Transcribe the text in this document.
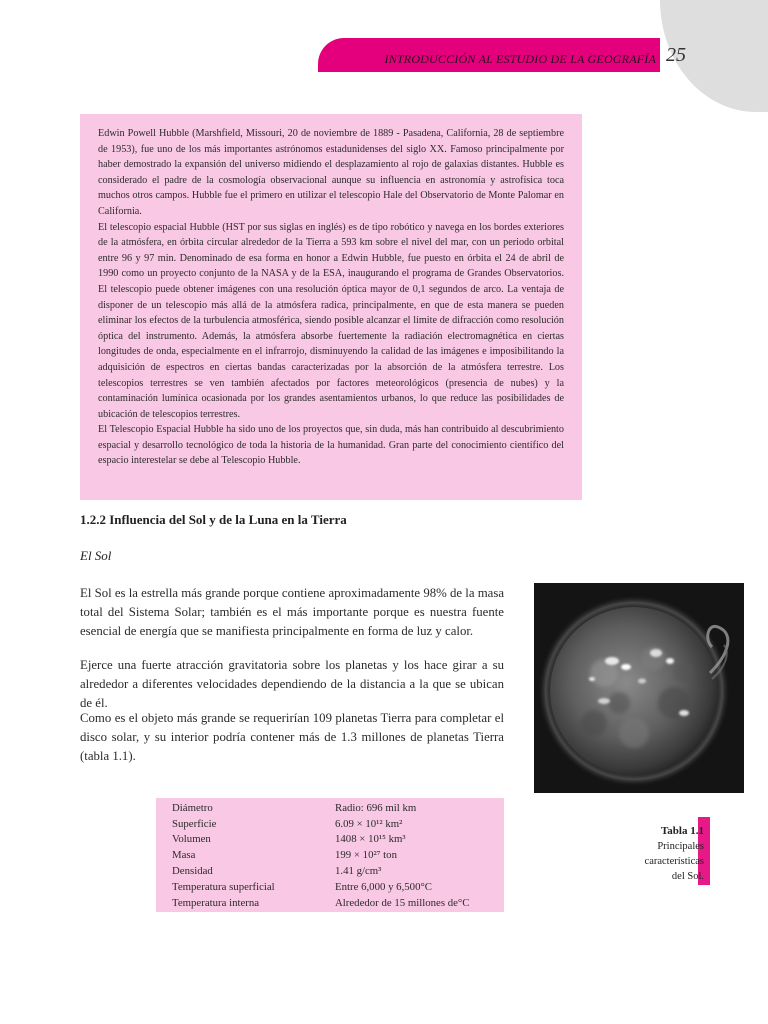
INTRODUCCIÓN AL ESTUDIO DE LA GEOGRAFÍA 25

Edwin Powell Hubble (Marshfield, Missouri, 20 de noviembre de 1889 - Pasadena, California, 28 de septiembre de 1953), fue uno de los más importantes astrónomos estadunidenses del siglo XX. Famoso principalmente por haber demostrado la expansión del universo midiendo el desplazamiento al rojo de galaxias distantes. Hubble es considerado el padre de la cosmología observacional aunque su influencia en astronomía y astrofísica toca muchos otros campos. Hubble fue el primero en utilizar el telescopio Hale del Observatorio de Monte Palomar en California.

El telescopio espacial Hubble (HST por sus siglas en inglés) es de tipo robótico y navega en los bordes exteriores de la atmósfera, en órbita circular alrededor de la Tierra a 593 km sobre el nivel del mar, con un periodo orbital entre 96 y 97 min. Denominado de esa forma en honor a Edwin Hubble, fue puesto en órbita el 24 de abril de 1990 como un proyecto conjunto de la NASA y de la ESA, inaugurando el programa de Grandes Observatorios. El telescopio puede obtener imágenes con una resolución óptica mayor de 0,1 segundos de arco. La ventaja de disponer de un telescopio más allá de la atmósfera radica, principalmente, en que de esta manera se pueden eliminar los efectos de la turbulencia atmosférica, siendo posible alcanzar el límite de difracción como resolución óptica del instrumento. Además, la atmósfera absorbe fuertemente la radiación electromagnética en ciertas longitudes de onda, especialmente en el infrarrojo, disminuyendo la calidad de las imágenes e imposibilitando la adquisición de espectros en ciertas bandas caracterizadas por la absorción de la atmósfera terrestre. Los telescopios terrestres se ven también afectados por factores meteorológicos (presencia de nubes) y la contaminación lumínica ocasionada por los grandes asentamientos urbanos, lo que reduce las posibilidades de ubicación de telescopios terrestres.

El Telescopio Espacial Hubble ha sido uno de los proyectos que, sin duda, más han contribuido al descubrimiento espacial y desarrollo tecnológico de toda la historia de la humanidad. Gran parte del conocimiento científico del espacio interestelar se debe al Telescopio Hubble.

1.2.2 Influencia del Sol y de la Luna en la Tierra
El Sol

El Sol es la estrella más grande porque contiene aproximadamente 98% de la masa total del Sistema Solar; también es el más importante porque es nuestra fuente esencial de energía que se manifiesta principalmente en forma de luz y calor.

Ejerce una fuerte atracción gravitatoria sobre los planetas y los hace girar a su alrededor a diferentes velocidades dependiendo de la distancia a la que se ubican de él.

Como es el objeto más grande se requerirían 109 planetas Tierra para completar el disco solar, y su interior podría contener más de 1.3 millones de planetas Tierra (tabla 1.1).

Diámetro	Radio: 696 mil km
Superficie	6.09 × 10¹² km²
Volumen	1408 × 10¹⁵ km³
Masa	199 × 10²⁷ ton
Densidad	1.41 g/cm³
Temperatura superficial	Entre 6,000 y 6,500°C
Temperatura interna	Alrededor de 15 millones de°C
Tabla 1.1
Principales
características
del Sol.
